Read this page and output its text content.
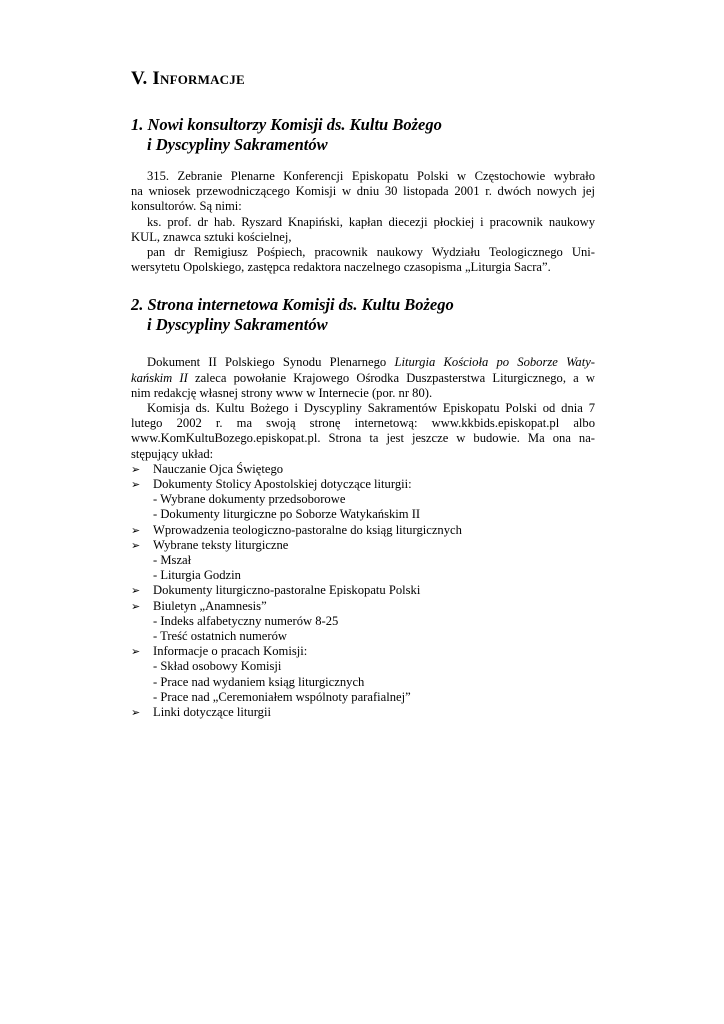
V. Informacje
1. Nowi konsultorzy Komisji ds. Kultu Bożego
i Dyscypliny Sakramentów

315. Zebranie Plenarne Konferencji Episkopatu Polski w Częstochowie wybrało
na wniosek przewodniczącego Komisji w dniu 30 listopada 2001 r. dwóch nowych jej
konsultorów. Są nimi:

ks. prof. dr hab. Ryszard Knapiński, kapłan diecezji płockiej i pracownik naukowy
KUL, znawca sztuki kościelnej,

pan dr Remigiusz Pośpiech, pracownik naukowy Wydziału Teologicznego Uni-
wersytetu Opolskiego, zastępca redaktora naczelnego czasopisma „Liturgia Sacra”.

2. Strona internetowa Komisji ds. Kultu Bożego
i Dyscypliny Sakramentów

Dokument II Polskiego Synodu Plenarnego Liturgia Kościoła po Soborze Waty-
kańskim II zaleca powołanie Krajowego Ośrodka Duszpasterstwa Liturgicznego, a w
nim redakcję własnej strony www w Internecie (por. nr 80).

Komisja ds. Kultu Bożego i Dyscypliny Sakramentów Episkopatu Polski od dnia 7
lutego 2002 r. ma swoją stronę internetową: www.kkbids.episkopat.pl albo
www.KomKultuBozego.episkopat.pl. Strona ta jest jeszcze w budowie. Ma ona na-
stępujący układ:

➢	Nauczanie Ojca Świętego
➢	Dokumenty Stolicy Apostolskiej dotyczące liturgii:
- Wybrane dokumenty przedsoborowe
- Dokumenty liturgiczne po Soborze Watykańskim II
➢	Wprowadzenia teologiczno-pastoralne do ksiąg liturgicznych
➢	Wybrane teksty liturgiczne
- Mszał
- Liturgia Godzin
➢	Dokumenty liturgiczno-pastoralne Episkopatu Polski
➢	Biuletyn „Anamnesis”
- Indeks alfabetyczny numerów 8-25
- Treść ostatnich numerów
➢	Informacje o pracach Komisji:
- Skład osobowy Komisji
- Prace nad wydaniem ksiąg liturgicznych
- Prace nad „Ceremoniałem wspólnoty parafialnej”
➢	Linki dotyczące liturgii
